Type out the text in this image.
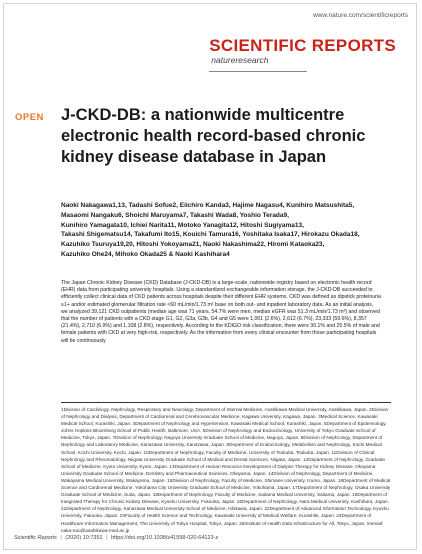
www.nature.com/scientificreports
SCIENTIFIC REPORTS
natureresearch
OPEN J-CKD-DB: a nationwide multicentre electronic health record-based chronic kidney disease database in Japan

Naoki Nakagawa1,13, Tadashi Sofue2, Eiichiro Kanda3, Hajime Nagasu4, Kunihiro Matsushita5,
Masaomi Nangaku6, Shoichi Maruyama7, Takashi Wada8, Yoshio Terada9,
Kunihiro Yamagata10, Ichiei Narita11, Motoko Yanagita12, Hitoshi Sugiyama13,
Takashi Shigematsu14, Takafumi Ito15, Kouichi Tamura16, Yoshitaka Isaka17, Hirokazu Okada18,
Kazuhiko Tsuruya19,20, Hitoshi Yokoyama21, Naoki Nakashima22, Hiromi Kataoka23,
Kazuhiko Ohe24, Mihoko Okada25 & Naoki Kashihara4

The Japan Chronic Kidney Disease (CKD) Database (J-CKD-DB) is a large-scale, nationwide registry based on electronic health record (EHR) data from participating university hospitals. Using a standardized exchangeable information storage, the J-CKD-DB succeeded to efficiently collect clinical data of CKD patients across hospitals despite their different EHR systems. CKD was defined as dipstick proteinuria ≥1+ and/or estimated glomerular filtration rate <60 mL/min/1.73 m² base on both out- and inpatient laboratory data. As an initial analysis, we analyzed 39,121 CKD outpatients (median age was 71 years, 54.7% were men, median eGFR was 51.3 mL/min/1.73 m²) and observed that the number of patients with a CKD stage G1, G2, G3a, G3b, G4 and G5 were 1,001 (2.6%), 2,612 (6.7%), 23,333 (59.6%), 8,357 (21.4%), 2,710 (6.9%) and 1,108 (2.8%), respectively. According to the KDIGO risk classification, there were 30.1% and 25.5% of male and female patients with CKD at very high-risk, respectively. As the information from every clinical encounter from those participating hospitals will be continuously

1Division of Cardiology, Nephrology, Respiratory and Neurology, Department of Internal Medicine, Asahikawa Medical University, Asahikawa, Japan. 2Division of Nephrology and Dialysis, Department of Cardiorenal and Cerebrovascular Medicine, Kagawa University, Kagawa, Japan. 3Medical Science, Kawasaki Medical School, Kurashiki, Japan. 4Department of Nephrology and Hypertension, Kawasaki Medical School, Kurashiki, Japan. 5Department of Epidemiology, Johns Hopkins Bloomberg School of Public Health, Baltimore, USA. 6Division of Nephrology and Endocrinology, University of Tokyo Graduate School of Medicine, Tokyo, Japan. 7Division of Nephrology, Nagoya University Graduate School of Medicine, Nagoya, Japan. 8Division of Nephrology, Department of Nephrology and Laboratory Medicine, Kanazawa University, Kanazawa, Japan. 9Department of Endocrinology, Metabolism and Nephrology, Kochi Medical School, Kochi University, Kochi, Japan. 10Department of Nephrology, Faculty of Medicine, University of Tsukuba, Tsukuba, Japan. 11Division of Clinical Nephrology and Rheumatology, Niigata University Graduate School of Medical and Dental Sciences, Niigata, Japan. 12Department of Nephrology, Graduate School of Medicine, Kyoto University, Kyoto, Japan. 13Department of Human Resource Development of Dialysis Therapy for Kidney Disease, Okayama University Graduate School of Medicine, Dentistry and Pharmaceutical Sciences, Okayama, Japan. 14Division of Nephrology, Department of Medicine, Wakayama Medical University, Wakayama, Japan. 15Division of Nephrology, Faculty of Medicine, Shimane University, Izumo, Japan. 16Department of Medical Science and Cardiorenal Medicine, Yokohama City University Graduate School of Medicine, Yokohama, Japan. 17Department of Nephrology, Osaka University Graduate School of Medicine, Suita, Japan. 18Department of Nephrology, Faculty of Medicine, Saitama Medical University, Saitama, Japan. 19Department of Integrated Therapy for Chronic Kidney Disease, Kyushu University, Fukuoka, Japan. 20Department of Nephrology, Nara Medical University, Kashihara, Japan. 21Department of Nephrology, Kanazawa Medical University School of Medicine, Ishikawa, Japan. 22Department of Advanced Information Technology, Kyushu University, Fukuoka, Japan. 23Faculty of Health Science and Technology, Kawasaki University of Medical Welfare, Kurashiki, Japan. 24Department of Healthcare Information Management, The University of Tokyo Hospital, Tokyo, Japan. 25Institute of Health Data Infrastructure for All, Tokyo, Japan. ✉email: naka-nao@asahikawa-med.ac.jp

Scientific Reports | (2020) 10:7351 | https://doi.org/10.1038/s41598-020-64123-z
